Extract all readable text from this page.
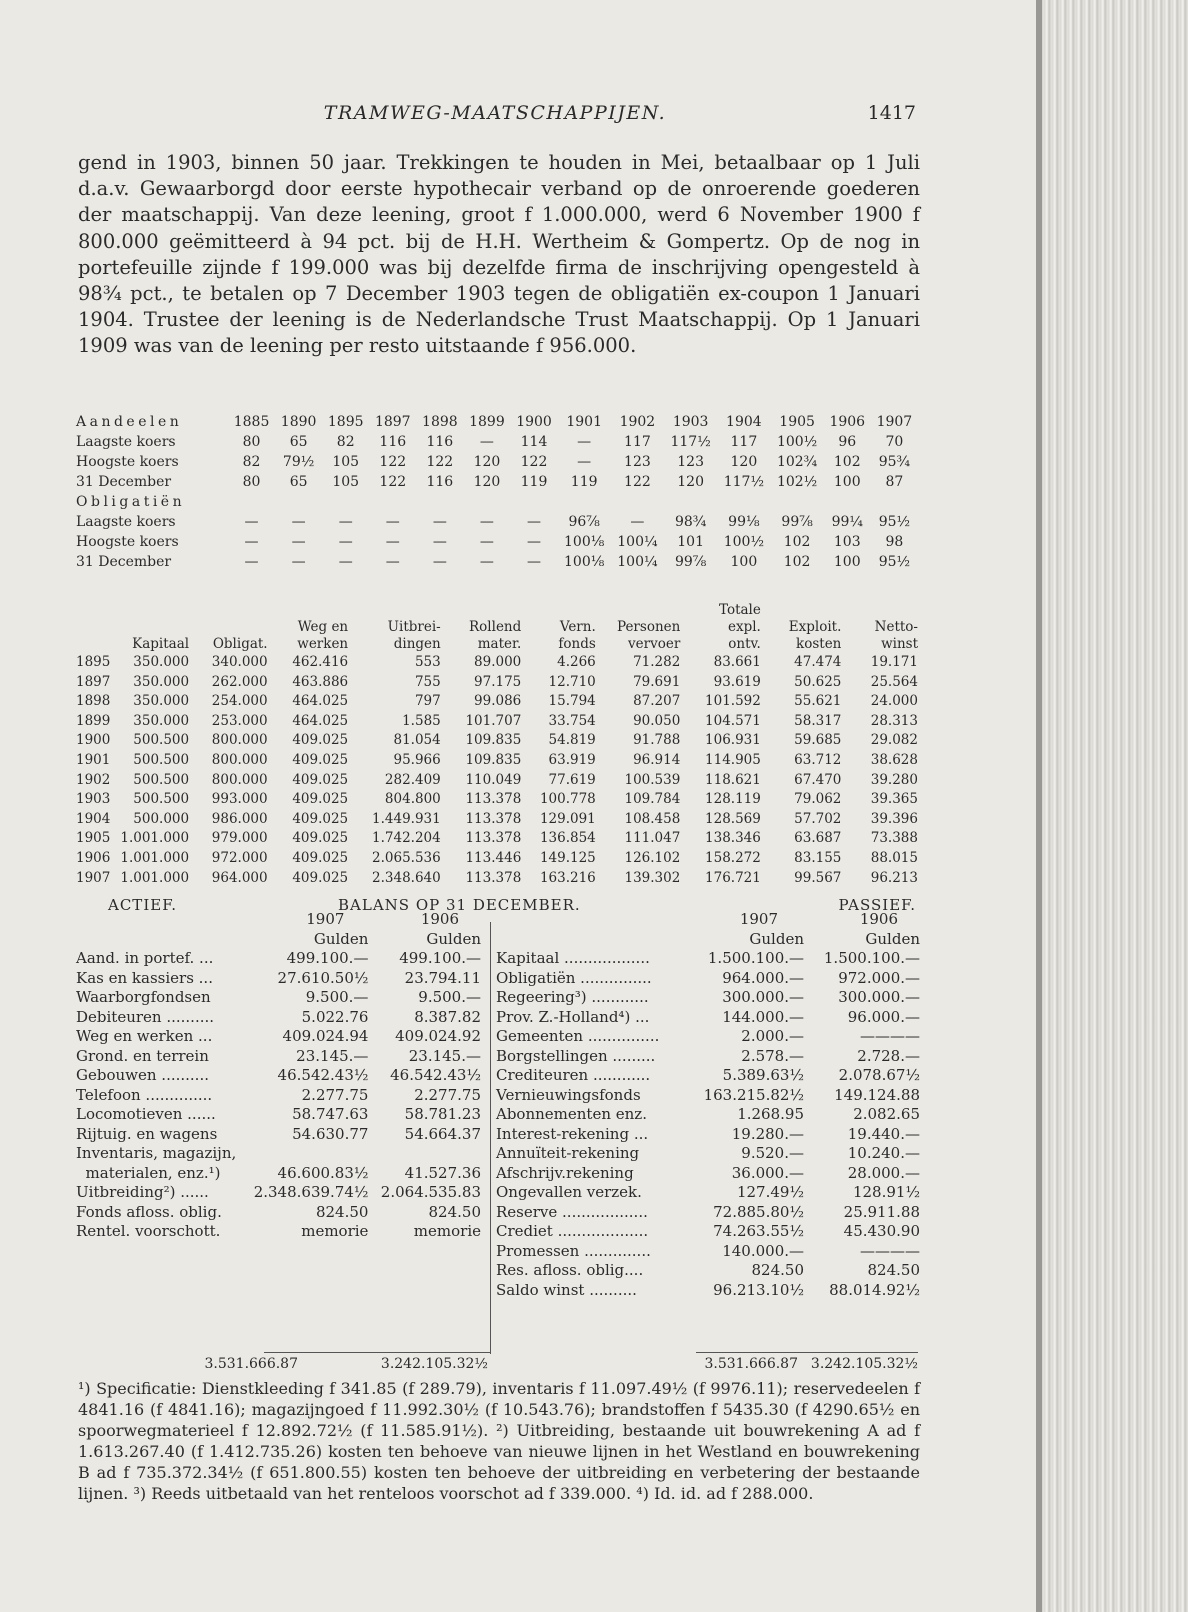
TRAMWEG-MAATSCHAPPIJEN.	1417

gend in 1903, binnen 50 jaar. Trekkingen te houden in Mei, betaalbaar op 1 Juli d.a.v. Gewaarborgd door eerste hypothecair verband op de onroerende goederen der maatschappij. Van deze leening, groot f 1.000.000, werd 6 November 1900 f 800.000 geëmitteerd à 94 pct. bij de H.H. Wertheim & Gompertz. Op de nog in portefeuille zijnde f 199.000 was bij dezelfde firma de inschrijving opengesteld à 98¾ pct., te betalen op 7 December 1903 tegen de obligatiën ex-coupon 1 Januari 1904. Trustee der leening is de Nederlandsche Trust Maatschappij. Op 1 Januari 1909 was van de leening per resto uitstaande f 956.000.

Aandeelen	1885	1890	1895	1897	1898	1899	1900	1901	1902	1903	1904	1905	1906	1907
Laagste koers	80	65	82	116	116	—	114	—	117	117½	117	100½	96	70
Hoogste koers	82	79½	105	122	122	120	122	—	123	123	120	102¾	102	95¾
31 December	80	65	105	122	116	120	119	119	122	120	117½	102½	100	87
Obligatiën														
Laagste koers	—	—	—	—	—	—	—	96⅞	—	98¾	99⅛	99⅞	99¼	95½
Hoogste koers	—	—	—	—	—	—	—	100⅛	100¼	101	100½	102	103	98
31 December	—	—	—	—	—	—	—	100⅛	100¼	99⅞	100	102	100	95½
								Totale		
			Weg en	Uitbrei-	Rollend	Vern.	Personen	expl.	Exploit.	Netto-
	Kapitaal	Obligat.	werken	dingen	mater.	fonds	vervoer	ontv.	kosten	winst
1895	350.000	340.000	462.416	553	89.000	4.266	71.282	83.661	47.474	19.171
1897	350.000	262.000	463.886	755	97.175	12.710	79.691	93.619	50.625	25.564
1898	350.000	254.000	464.025	797	99.086	15.794	87.207	101.592	55.621	24.000
1899	350.000	253.000	464.025	1.585	101.707	33.754	90.050	104.571	58.317	28.313
1900	500.500	800.000	409.025	81.054	109.835	54.819	91.788	106.931	59.685	29.082
1901	500.500	800.000	409.025	95.966	109.835	63.919	96.914	114.905	63.712	38.628
1902	500.500	800.000	409.025	282.409	110.049	77.619	100.539	118.621	67.470	39.280
1903	500.500	993.000	409.025	804.800	113.378	100.778	109.784	128.119	79.062	39.365
1904	500.000	986.000	409.025	1.449.931	113.378	129.091	108.458	128.569	57.702	39.396
1905	1.001.000	979.000	409.025	1.742.204	113.378	136.854	111.047	138.346	63.687	73.388
1906	1.001.000	972.000	409.025	2.065.536	113.446	149.125	126.102	158.272	83.155	88.015
1907	1.001.000	964.000	409.025	2.348.640	113.378	163.216	139.302	176.721	99.567	96.213
ACTIEF.	BALANS OP 31 DECEMBER.	PASSIEF.
	1907	1906
	Gulden	Gulden
Aand. in portef. ...	499.100.—	499.100.—
Kas en kassiers ...	27.610.50½	23.794.11
Waarborgfondsen	9.500.—	9.500.—
Debiteuren ..........	5.022.76	8.387.82
Weg en werken ...	409.024.94	409.024.92
Grond. en terrein	23.145.—	23.145.—
Gebouwen ..........	46.542.43½	46.542.43½
Telefoon ..............	2.277.75	2.277.75
Locomotieven ......	58.747.63	58.781.23
Rijtuig. en wagens	54.630.77	54.664.37
Inventaris, magazijn,		
materialen, enz.¹)	46.600.83½	41.527.36
Uitbreiding²) ......	2.348.639.74½	2.064.535.83
Fonds afloss. oblig.	824.50	824.50
Rentel. voorschott.	memorie	memorie
	1907	1906
	Gulden	Gulden
Kapitaal ..................	1.500.100.—	1.500.100.—
Obligatiën ...............	964.000.—	972.000.—
Regeering³) ............	300.000.—	300.000.—
Prov. Z.-Holland⁴) ...	144.000.—	96.000.—
Gemeenten ...............	2.000.—	————
Borgstellingen .........	2.578.—	2.728.—
Crediteuren ............	5.389.63½	2.078.67½
Vernieuwingsfonds	163.215.82½	149.124.88
Abonnementen enz.	1.268.95	2.082.65
Interest-rekening ...	19.280.—	19.440.—
Annuïteit-rekening	9.520.—	10.240.—
Afschrijv.rekening	36.000.—	28.000.—
Ongevallen verzek.	127.49½	128.91½
Reserve ..................	72.885.80½	25.911.88
Crediet ...................	74.263.55½	45.430.90
Promessen ..............	140.000.—	————
Res. afloss. oblig....	824.50	824.50
Saldo winst ..........	96.213.10½	88.014.92½
3.531.666.87	3.242.105.32½	3.531.666.87 3.242.105.32½

¹) Specificatie: Dienstkleeding f 341.85 (f 289.79), inventaris f 11.097.49½ (f 9976.11); reservedeelen f 4841.16 (f 4841.16); magazijngoed f 11.992.30½ (f 10.543.76); brandstoffen f 5435.30 (f 4290.65½ en spoorwegmaterieel f 12.892.72½ (f 11.585.91½). ²) Uitbreiding, bestaande uit bouwrekening A ad f 1.613.267.40 (f 1.412.735.26) kosten ten behoeve van nieuwe lijnen in het Westland en bouwrekening B ad f 735.372.34½ (f 651.800.55) kosten ten behoeve der uitbreiding en verbetering der bestaande lijnen. ³) Reeds uitbetaald van het renteloos voorschot ad f 339.000. ⁴) Id. id. ad f 288.000.
